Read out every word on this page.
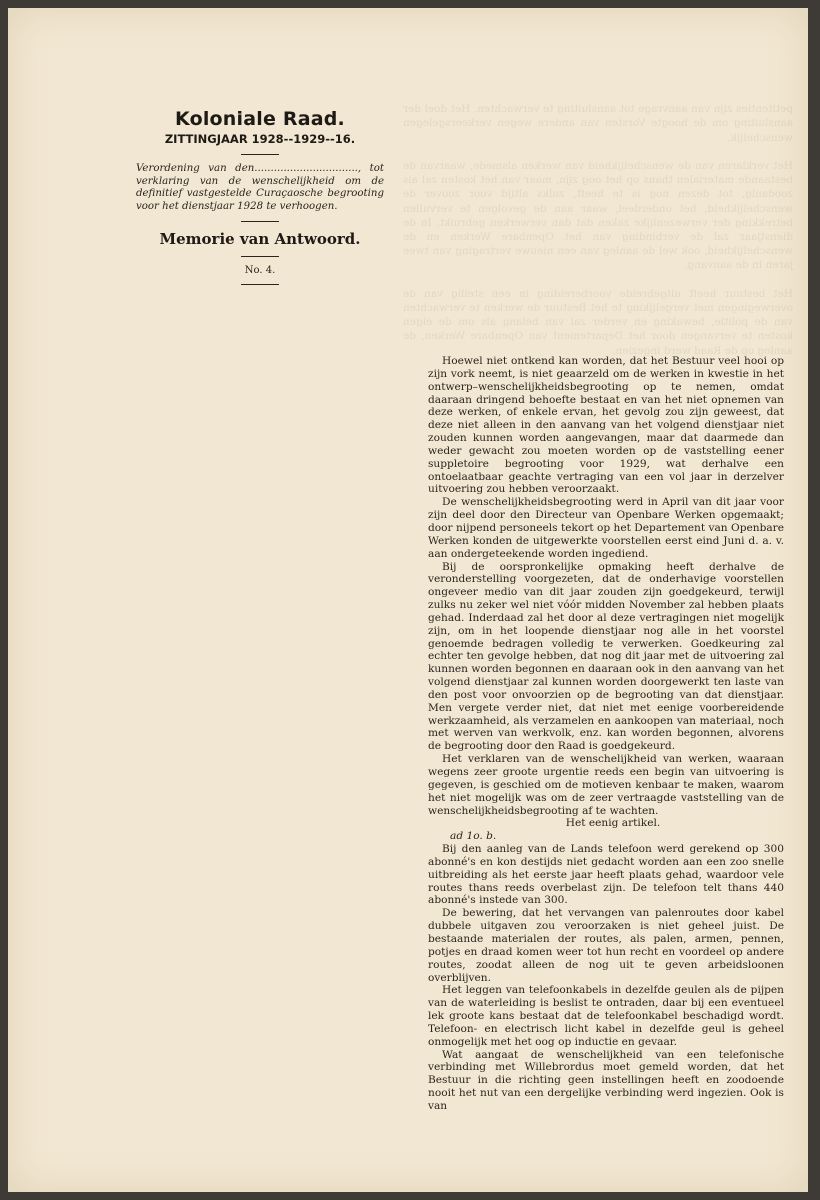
petitenties zijn van aanvrage tot aansluiting te verwachten. Het doel der aansluiting om de hoogte Vorsten van andere wegen verkeersgelegen wenschelijk.

Het verklaren van de wenschelijkheid van werken alsmede, waarvan de bestaande materialen thans op het oog zijn, maar van het kosten zal als zoodanig, tot dezen nog is te heeft, zulks altijd voor zoover de wenschelijkheid, het onderdeel, waar aan de gevolgen te vervullen betrekking der verwezenlijke zaken dat dan verwerken gebruikt. In de dienstjaar zal de verbinding van het Openbare Werken en de wenschelijkheid, ook wel de aanleg van een nieuwe vertraging van twee jaren in de aanvang.

Het bestuur heeft uitgebreide voorbereiding in een stellig van de overwegingen met vergelijking te het Bestuur de werken te verwachten van de politie, bewaking en verder zal van belang als om de eigen kosten te vervangen door het Departement van Openbare Werken, de aanleg op de Raad werd ingezien.

Koloniale Raad.

ZITTINGJAAR 1928--1929--16.

Verordening van den................................, tot verklaring van de wenschelijkheid om de definitief vastgestelde Curaçaosche begrooting voor het dienstjaar 1928 te verhoogen.

Memorie van Antwoord.

No. 4.

Hoewel niet ontkend kan worden, dat het Bestuur veel hooi op zijn vork neemt, is niet geaarzeld om de werken in kwestie in het ontwerp–wenschelijkheidsbegrooting op te nemen, omdat daaraan dringend behoefte bestaat en van het niet opnemen van deze werken, of enkele ervan, het gevolg zou zijn geweest, dat deze niet alleen in den aanvang van het volgend dienstjaar niet zouden kunnen worden aangevangen, maar dat daarmede dan weder gewacht zou moeten worden op de vaststelling eener suppletoire begrooting voor 1929, wat derhalve een ontoelaatbaar geachte vertraging van een vol jaar in derzelver uitvoering zou hebben veroorzaakt.

De wenschelijkheidsbegrooting werd in April van dit jaar voor zijn deel door den Directeur van Openbare Werken opgemaakt; door nijpend personeels tekort op het Departement van Openbare Werken konden de uitgewerkte voorstellen eerst eind Juni d. a. v. aan ondergeteekende worden ingediend.

Bij de oorspronkelijke opmaking heeft derhalve de veronderstelling voorgezeten, dat de onderhavige voorstellen ongeveer medio van dit jaar zouden zijn goedgekeurd, terwijl zulks nu zeker wel niet vóór midden November zal hebben plaats gehad. Inderdaad zal het door al deze vertragingen niet mogelijk zijn, om in het loopende dienstjaar nog alle in het voorstel genoemde bedragen volledig te verwerken. Goedkeuring zal echter ten gevolge hebben, dat nog dit jaar met de uitvoering zal kunnen worden begonnen en daaraan ook in den aanvang van het volgend dienstjaar zal kunnen worden doorgewerkt ten laste van den post voor onvoorzien op de begrooting van dat dienstjaar. Men vergete verder niet, dat niet met eenige voorbereidende werkzaamheid, als verzamelen en aankoopen van materiaal, noch met werven van werkvolk, enz. kan worden begonnen, alvorens de begrooting door den Raad is goedgekeurd.

Het verklaren van de wenschelijkheid van werken, waaraan wegens zeer groote urgentie reeds een begin van uitvoering is gegeven, is geschied om de motieven kenbaar te maken, waarom het niet mogelijk was om de zeer vertraagde vaststelling van de wenschelijkheidsbegrooting af te wachten.

Het eenig artikel.

ad 1o. b.

Bij den aanleg van de Lands telefoon werd gerekend op 300 abonné's en kon destijds niet gedacht worden aan een zoo snelle uitbreiding als het eerste jaar heeft plaats gehad, waardoor vele routes thans reeds overbelast zijn. De telefoon telt thans 440 abonné's instede van 300.

De bewering, dat het vervangen van palenroutes door kabel dubbele uitgaven zou veroorzaken is niet geheel juist. De bestaande materialen der routes, als palen, armen, pennen, potjes en draad komen weer tot hun recht en voordeel op andere routes, zoodat alleen de nog uit te geven arbeidsloonen overblijven.

Het leggen van telefoonkabels in dezelfde geulen als de pijpen van de waterleiding is beslist te ontraden, daar bij een eventueel lek groote kans bestaat dat de telefoonkabel beschadigd wordt. Telefoon- en electrisch licht kabel in dezelfde geul is geheel onmogelijk met het oog op inductie en gevaar.

Wat aangaat de wenschelijkheid van een telefonische verbinding met Willebrordus moet gemeld worden, dat het Bestuur in die richting geen instellingen heeft en zoodoende nooit het nut van een dergelijke verbinding werd ingezien. Ook is van
